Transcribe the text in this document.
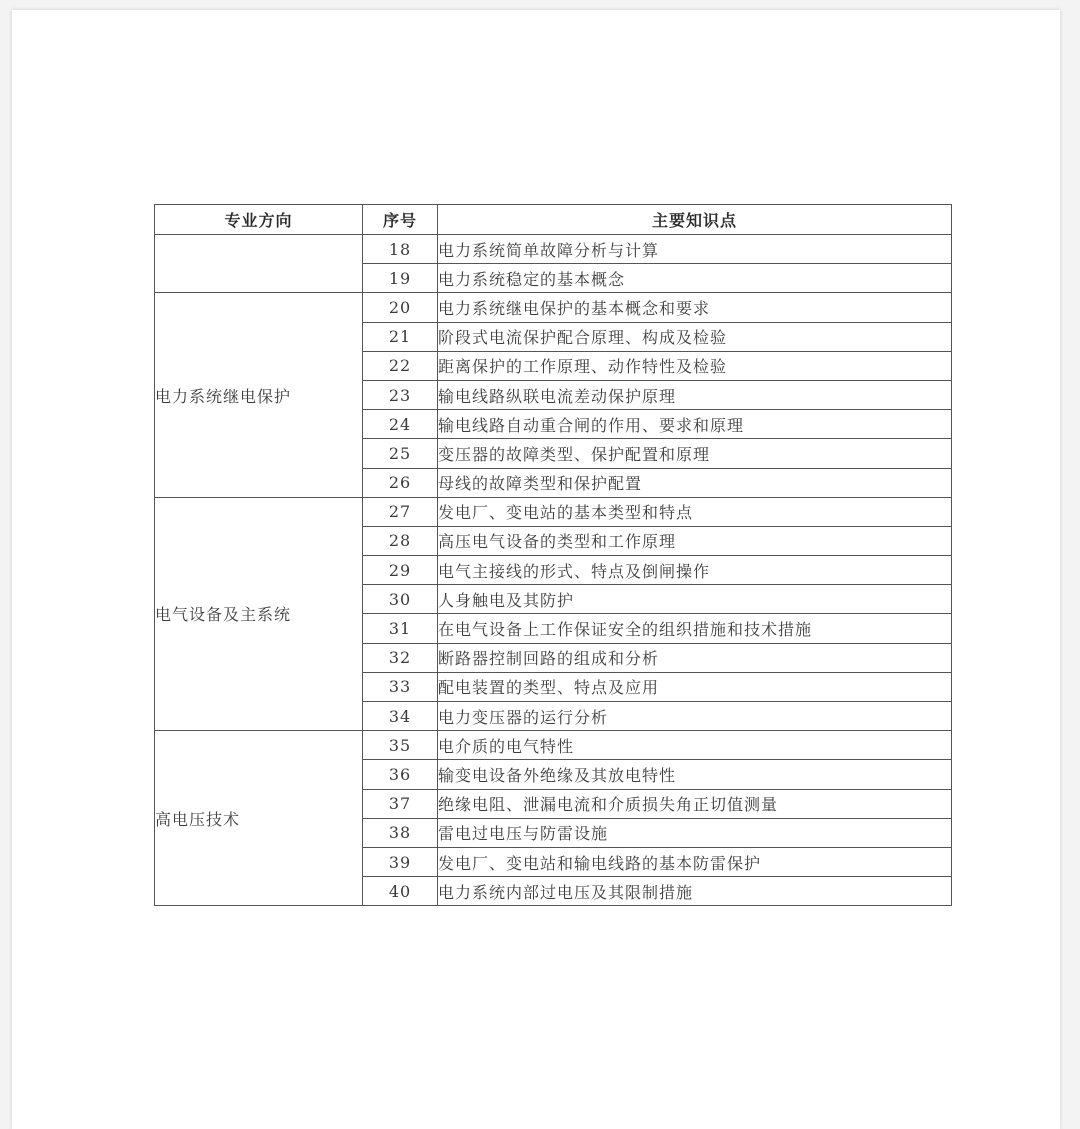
专业方向	序号	主要知识点
	18	电力系统简单故障分析与计算
	19	电力系统稳定的基本概念
电力系统继电保护	20	电力系统继电保护的基本概念和要求
	21	阶段式电流保护配合原理、构成及检验
	22	距离保护的工作原理、动作特性及检验
	23	输电线路纵联电流差动保护原理
	24	输电线路自动重合闸的作用、要求和原理
	25	变压器的故障类型、保护配置和原理
	26	母线的故障类型和保护配置
电气设备及主系统	27	发电厂、变电站的基本类型和特点
	28	高压电气设备的类型和工作原理
	29	电气主接线的形式、特点及倒闸操作
	30	人身触电及其防护
	31	在电气设备上工作保证安全的组织措施和技术措施
	32	断路器控制回路的组成和分析
	33	配电装置的类型、特点及应用
	34	电力变压器的运行分析
高电压技术	35	电介质的电气特性
	36	输变电设备外绝缘及其放电特性
	37	绝缘电阻、泄漏电流和介质损失角正切值测量
	38	雷电过电压与防雷设施
	39	发电厂、变电站和输电线路的基本防雷保护
	40	电力系统内部过电压及其限制措施
